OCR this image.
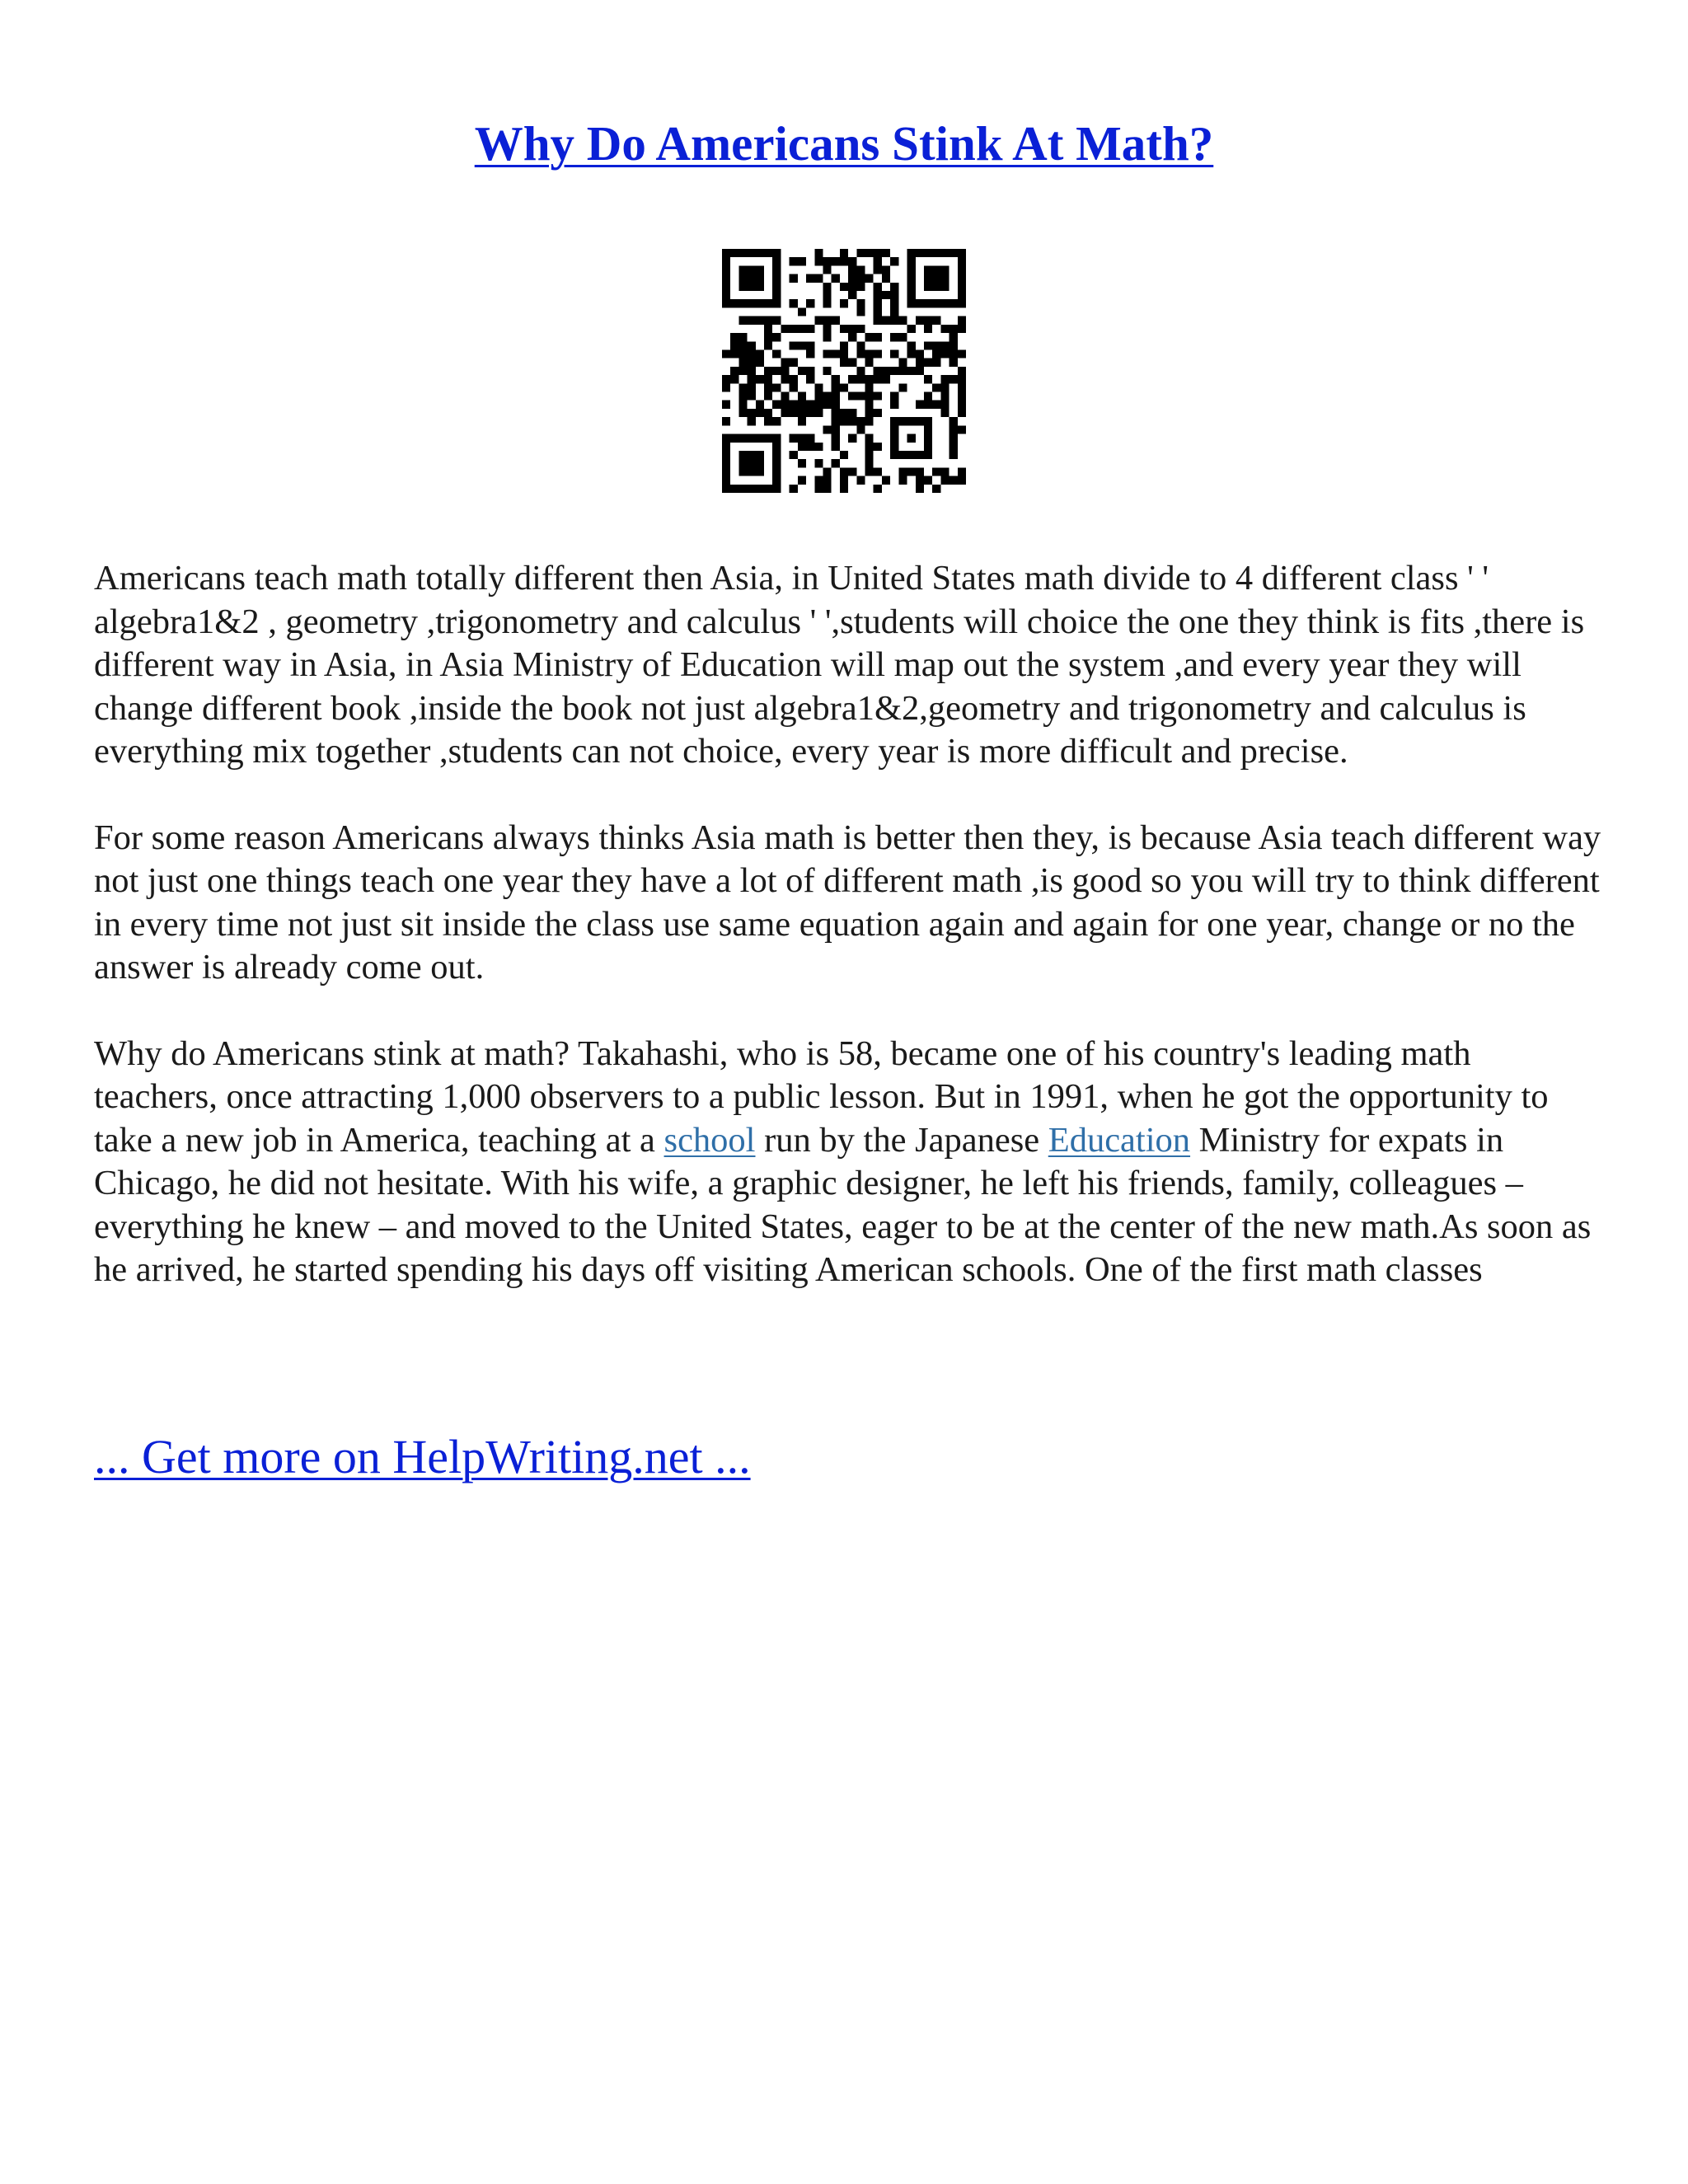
Why Do Americans Stink At Math?

Americans teach math totally different then Asia, in United States math divide to 4 different class ' ' algebra1&2 , geometry ,trigonometry and calculus ' ',students will choice the one they think is fits ,there is different way in Asia, in Asia Ministry of Education will map out the system ,and every year they will change different book ,inside the book not just algebra1&2,geometry and trigonometry and calculus is everything mix together ,students can not choice, every year is more difficult and precise.

For some reason Americans always thinks Asia math is better then they, is because Asia teach different way not just one things teach one year they have a lot of different math ,is good so you will try to think different in every time not just sit inside the class use same equation again and again for one year, change or no the answer is already come out.

Why do Americans stink at math? Takahashi, who is 58, became one of his country's leading math teachers, once attracting 1,000 observers to a public lesson. But in 1991, when he got the opportunity to take a new job in America, teaching at a school run by the Japanese Education Ministry for expats in Chicago, he did not hesitate. With his wife, a graphic designer, he left his friends, family, colleagues – everything he knew – and moved to the United States, eager to be at the center of the new math.As soon as he arrived, he started spending his days off visiting American schools. One of the first math classes

... Get more on HelpWriting.net ...
